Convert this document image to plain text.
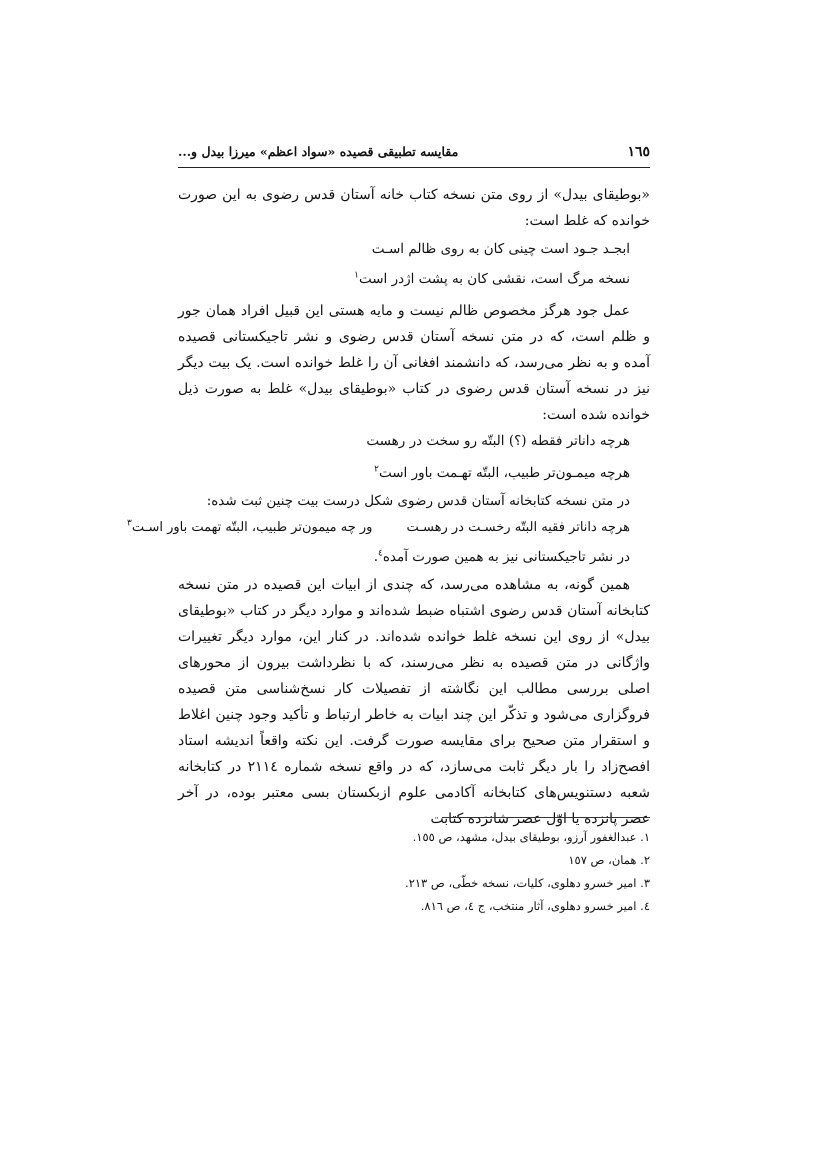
١٦٥
مقایسه تطبیقی قصیده «سواد اعظم» میرزا بیدل و...

«بوطیقای بیدل» از روی متن نسخه کتاب خانه آستان قدس رضوی به این صورت خوانده که غلط است:

ابجـد جـود است چینی کان به روی ظالم اسـت

نسخه مرگ است، نقشی کان به پشت اژدر است$^١$

عمل جود هرگز مخصوص ظالم نیست و مایه هستی این قبیل افراد همان جور و ظلم است، که در متن نسخه آستان قدس رضوی و نشر تاجیکستانی قصیده آمده و به نظر می‌رسد، که دانشمند افغانی آن را غلط خوانده است. یک بیت دیگر نیز در نسخه آستان قدس رضوی در کتاب «بوطیقای بیدل» غلط به صورت ذیل خوانده شده است:

هرچه داناتر فقطه (؟) البتّه رو سخت در رهست

هرچه میمـون‌تر طبیب، البتّه تهـمت باور است$^٢$

در متن نسخه کتابخانه آستان قدس رضوی شکل درست بیت چنین ثبت شده:

هرچه داناتر فقیه البتّه رخسـت در رهسـتور چه میمون‌تر طبیب، البتّه تهمت باور اسـت$^٣$

در نشر تاجیکستانی نیز به همین صورت آمده$^٤$.

همین گونه، به مشاهده می‌رسد، که چندی از ابیات این قصیده در متن نسخه کتابخانه آستان قدس رضوی اشتباه ضبط شده‌اند و موارد دیگر در کتاب «بوطیقای بیدل» از روی این نسخه غلط خوانده شده‌اند. در کنار این، موارد دیگر تغییرات واژگانی در متن قصیده به نظر می‌رسند، که با نظرداشت بیرون از محورهای اصلی بررسی مطالب این نگاشته از تفصیلات کار نسخ‌شناسی متن قصیده فروگزاری می‌شود و تذکّر این چند ابیات به خاطر ارتباط و تأکید وجود چنین اغلاط و استقرار متن صحیح برای مقایسه صورت گرفت. این نکته واقعاً اندیشه استاد افصح‌زاد را بار دیگر ثابت می‌سازد، که در واقع نسخه شماره ٢١١٤ در کتابخانه شعبه دستنویس‌های کتابخانه آکادمی علوم ازبکستان بسی معتبر بوده، در آخر عصر پانزده یا اوّل عصر شانزده کتابت

١. عبدالغفور آرزو، بوطیقای بیدل، مشهد، ص ١٥٥.

٢. همان، ص ١٥٧

٣. امیر خسرو دهلوی، کلیات، نسخه خطّی، ص ٢١٣.

٤. امیر خسرو دهلوی، آثار منتخب، ج ٤، ص ٨١٦.
